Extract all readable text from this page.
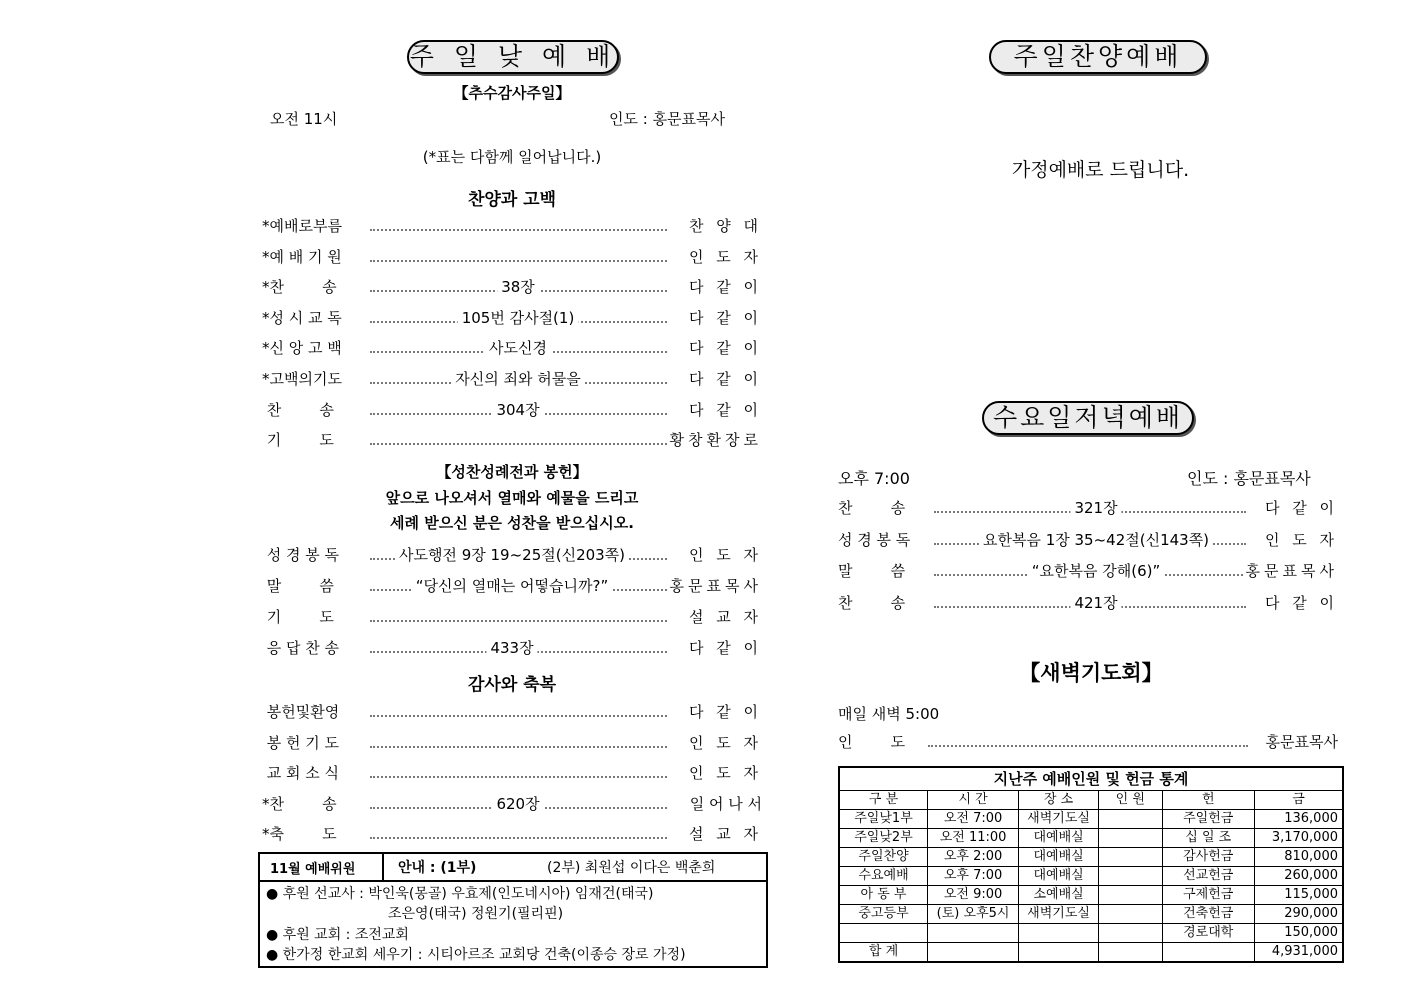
주 일 낮 예 배
【추수감사주일】
오전 11시	인도 : 홍문표목사
(*표는 다함께 일어납니다.)
찬양과 고백
*예배로부름	찬 양 대
*예 배 기 원	인 도 자
*찬        송	38장	다 같 이
*성 시 교 독	105번 감사절(1)	다 같 이
*신 앙 고 백	사도신경	다 같 이
*고백의기도	자신의 죄와 허물을	다 같 이
찬        송	304장	다 같 이
기        도	황창환장로
【성찬성례전과 봉헌】
앞으로 나오셔서 열매와 예물을 드리고
세례 받으신 분은 성찬을 받으십시오.
성 경 봉 독	사도행전 9장 19~25절(신203쪽)	인 도 자
말        씀	“당신의 열매는 어떻습니까?”	홍문표목사
기        도	설 교 자
응 답 찬 송	433장	다 같 이
감사와 축복
봉헌및환영	다 같 이
봉 헌 기 도	인 도 자
교 회 소 식	인 도 자
*찬        송	620장	일 어 나 서
*축        도	설 교 자
11월 예배위원	안내 : (1부)	(2부) 최원섭 이다은 백춘희
● 후원 선교사 : 박인욱(몽골) 우효제(인도네시아) 임재건(태국)
조은영(태국) 정원기(필리핀)
● 후원 교회 : 조전교회
● 한가정 한교회 세우기 : 시티아르조 교회당 건축(이종승 장로 가정)
주일찬양예배
가정예배로 드립니다.
수요일저녁예배
오후 7:00	인도 : 홍문표목사
찬        송	321장	다 같 이
성 경 봉 독	요한복음 1장 35~42절(신143쪽)	인 도 자
말        씀	“요한복음 강해(6)”	홍문표목사
찬        송	421장	다 같 이
【새벽기도회】
매일 새벽 5:00
인        도	홍문표목사
지난주 예배인원 및 헌금 통계					
구 분	시 간	장 소	인 원	헌	금
주일낮1부	오전 7:00	새벽기도실		주일헌금	136,000
주일낮2부	오전 11:00	대예배실		십 일 조	3,170,000
주일찬양	오후 2:00	대예배실		감사헌금	810,000
수요예배	오후 7:00	대예배실		선교헌금	260,000
아 동 부	오전 9:00	소예배실		구제헌금	115,000
중고등부	(토) 오후5시	새벽기도실		건축헌금	290,000
				경로대학	150,000
합 계					4,931,000
